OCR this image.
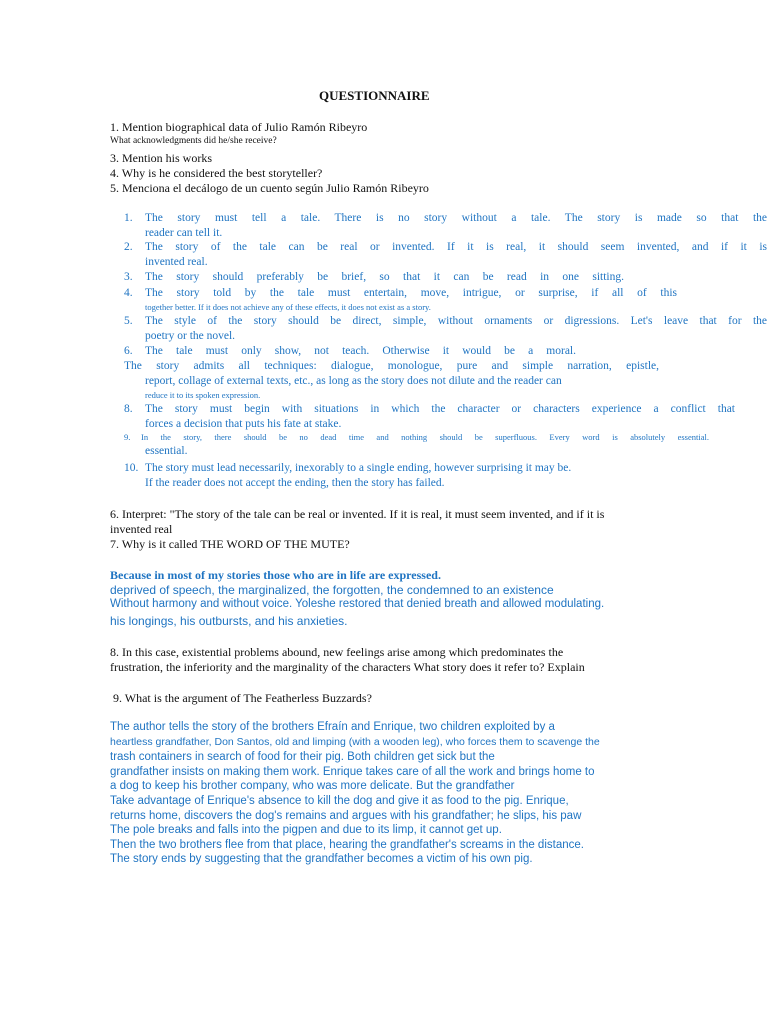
QUESTIONNAIRE

1. Mention biographical data of Julio Ramón Ribeyro

What acknowledgments did he/she receive?

3. Mention his works

4. Why is he considered the best storyteller?

5. Menciona el decálogo de un cuento según Julio Ramón Ribeyro

1.	The story must tell a tale. There is no story without a tale. The story is made so that the
reader can tell it.
2.	The story of the tale can be real or invented. If it is real, it should seem invented, and if it is
invented real.
3.	The story should preferably be brief, so that it can be read in one sitting.
4.	The story told by the tale must entertain, move, intrigue, or surprise, if all of this
together better. If it does not achieve any of these effects, it does not exist as a story.
5.	The style of the story should be direct, simple, without ornaments or digressions. Let's leave that for the
poetry or the novel.
6.	The tale must only show, not teach. Otherwise it would be a moral.
The story admits all techniques: dialogue, monologue, pure and simple narration, epistle,
report, collage of external texts, etc., as long as the story does not dilute and the reader can
reduce it to its spoken expression.
8.	The story must begin with situations in which the character or characters experience a conflict that
forces a decision that puts his fate at stake.
9.	In the story, there should be no dead time and nothing should be superfluous. Every word is absolutely essential.
essential.
10. The story must lead necessarily, inexorably to a single ending, however surprising it may be.
If the reader does not accept the ending, then the story has failed.

6. Interpret: "The story of the tale can be real or invented. If it is real, it must seem invented, and if it is

invented real

7. Why is it called THE WORD OF THE MUTE?

Because in most of my stories those who are in life are expressed.

deprived of speech, the marginalized, the forgotten, the condemned to an existence

Without harmony and without voice. Yoleshe restored that denied breath and allowed modulating.

his longings, his outbursts, and his anxieties.

8. In this case, existential problems abound, new feelings arise among which predominates the

frustration, the inferiority and the marginality of the characters What story does it refer to? Explain

9. What is the argument of The Featherless Buzzards?

The author tells the story of the brothers Efraín and Enrique, two children exploited by a

heartless grandfather, Don Santos, old and limping (with a wooden leg), who forces them to scavenge the

trash containers in search of food for their pig. Both children get sick but the

grandfather insists on making them work. Enrique takes care of all the work and brings home to

a dog to keep his brother company, who was more delicate. But the grandfather

Take advantage of Enrique's absence to kill the dog and give it as food to the pig. Enrique,

returns home, discovers the dog's remains and argues with his grandfather; he slips, his paw

The pole breaks and falls into the pigpen and due to its limp, it cannot get up.

Then the two brothers flee from that place, hearing the grandfather's screams in the distance.

The story ends by suggesting that the grandfather becomes a victim of his own pig.
